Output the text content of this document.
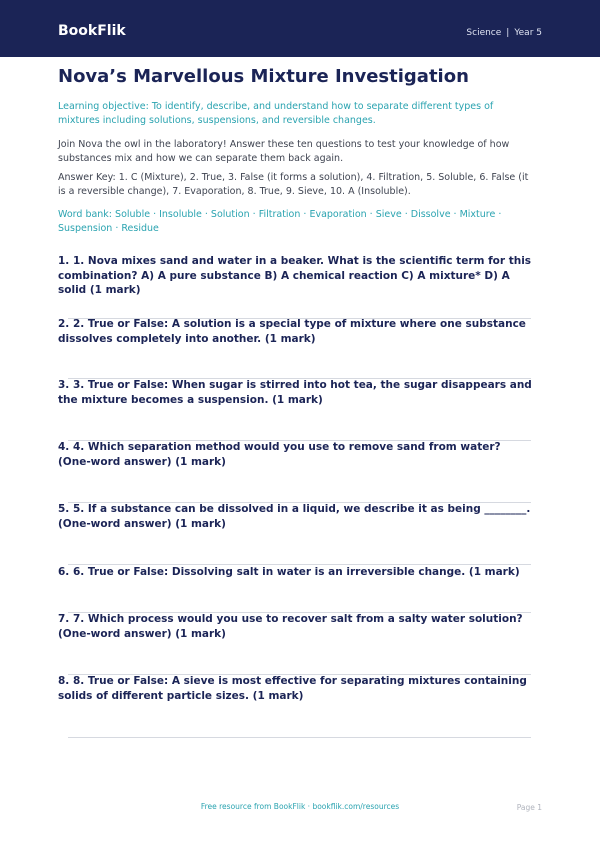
BookFlik	Science | Year 5
Nova’s Marvellous Mixture Investigation
Learning objective: To identify, describe, and understand how to separate different types of mixtures including solutions, suspensions, and reversible changes.
Join Nova the owl in the laboratory! Answer these ten questions to test your knowledge of how substances mix and how we can separate them back again.
Answer Key: 1. C (Mixture), 2. True, 3. False (it forms a solution), 4. Filtration, 5. Soluble, 6. False (it is a reversible change), 7. Evaporation, 8. True, 9. Sieve, 10. A (Insoluble).
Word bank: Soluble · Insoluble · Solution · Filtration · Evaporation · Sieve · Dissolve · Mixture · Suspension · Residue
1. 1. Nova mixes sand and water in a beaker. What is the scientific term for this combination? A) A pure substance B) A chemical reaction C) A mixture* D) A solid (1 mark)
2. 2. True or False: A solution is a special type of mixture where one substance dissolves completely into another. (1 mark)
3. 3. True or False: When sugar is stirred into hot tea, the sugar disappears and the mixture becomes a suspension. (1 mark)
4. 4. Which separation method would you use to remove sand from water? (One-word answer) (1 mark)
5. 5. If a substance can be dissolved in a liquid, we describe it as being ________. (One-word answer) (1 mark)
6. 6. True or False: Dissolving salt in water is an irreversible change. (1 mark)
7. 7. Which process would you use to recover salt from a salty water solution? (One-word answer) (1 mark)
8. 8. True or False: A sieve is most effective for separating mixtures containing solids of different particle sizes. (1 mark)
Free resource from BookFlik · bookflik.com/resources	Page 1
